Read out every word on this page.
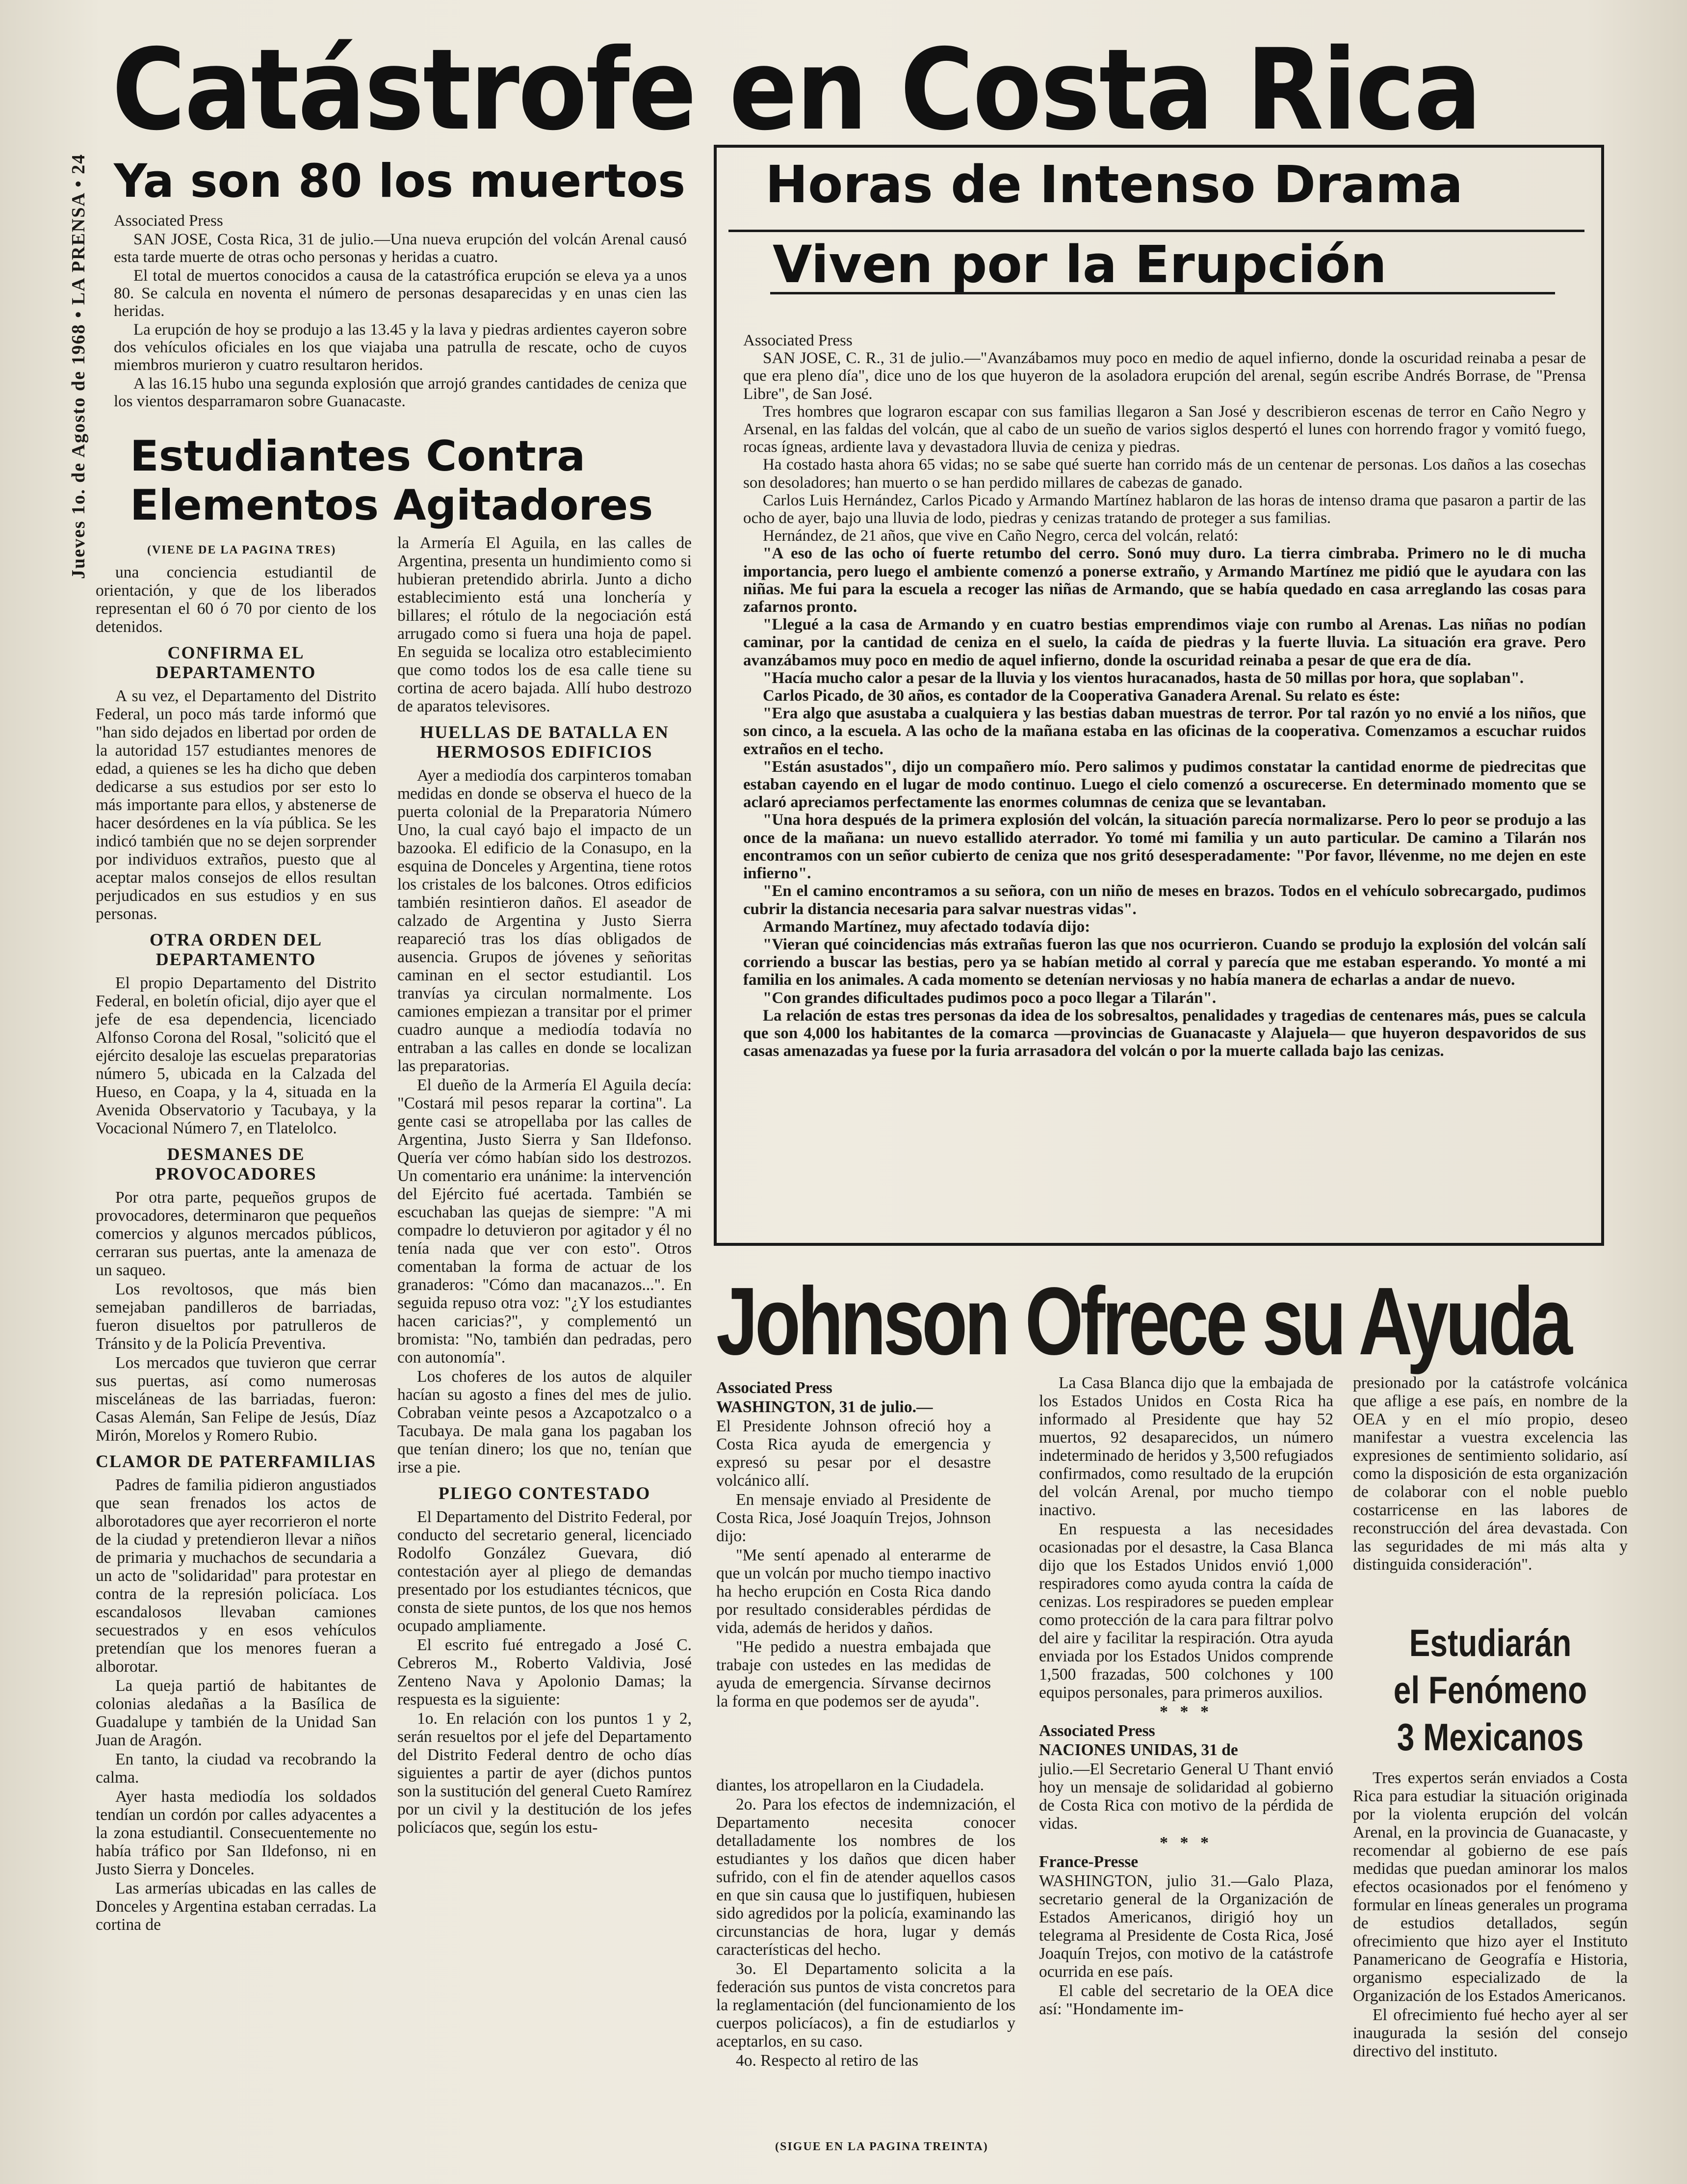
Jueves 1o. de Agosto de 1968 • LA PRENSA • 24
Catástrofe en Costa Rica
Ya son 80 los muertos

Associated Press

SAN JOSE, Costa Rica, 31 de julio.—Una nueva erupción del volcán Arenal causó esta tarde muerte de otras ocho personas y heridas a cuatro.

El total de muertos conocidos a causa de la catastrófica erupción se eleva ya a unos 80. Se calcula en noventa el número de personas desaparecidas y en unas cien las heridas.

La erupción de hoy se produjo a las 13.45 y la lava y piedras ardientes cayeron sobre dos vehículos oficiales en los que viajaba una patrulla de rescate, ocho de cuyos miembros murieron y cuatro resultaron heridos.

A las 16.15 hubo una segunda explosión que arrojó grandes cantidades de ceniza que los vientos desparramaron sobre Guanacaste.

Estudiantes Contra
Elementos Agitadores
(VIENE DE LA PAGINA TRES)

una conciencia estudiantil de orientación, y que de los liberados representan el 60 ó 70 por ciento de los detenidos.

CONFIRMA EL DEPARTAMENTO

A su vez, el Departamento del Distrito Federal, un poco más tarde informó que "han sido dejados en libertad por orden de la autoridad 157 estudiantes menores de edad, a quienes se les ha dicho que deben dedicarse a sus estudios por ser esto lo más importante para ellos, y abstenerse de hacer desórdenes en la vía pública. Se les indicó también que no se dejen sorprender por individuos extraños, puesto que al aceptar malos consejos de ellos resultan perjudicados en sus estudios y en sus personas.

OTRA ORDEN DEL DEPARTAMENTO

El propio Departamento del Distrito Federal, en boletín oficial, dijo ayer que el jefe de esa dependencia, licenciado Alfonso Corona del Rosal, "solicitó que el ejército desaloje las escuelas preparatorias número 5, ubicada en la Calzada del Hueso, en Coapa, y la 4, situada en la Avenida Observatorio y Tacubaya, y la Vocacional Número 7, en Tlatelolco.

DESMANES DE PROVOCADORES

Por otra parte, pequeños grupos de provocadores, determinaron que pequeños comercios y algunos mercados públicos, cerraran sus puertas, ante la amenaza de un saqueo.

Los revoltosos, que más bien semejaban pandilleros de barriadas, fueron disueltos por patrulleros de Tránsito y de la Policía Preventiva.

Los mercados que tuvieron que cerrar sus puertas, así como numerosas misceláneas de las barriadas, fueron: Casas Alemán, San Felipe de Jesús, Díaz Mirón, Morelos y Romero Rubio.

CLAMOR DE PATERFAMILIAS

Padres de familia pidieron angustiados que sean frenados los actos de alborotadores que ayer recorrieron el norte de la ciudad y pretendieron llevar a niños de primaria y muchachos de secundaria a un acto de "solidaridad" para protestar en contra de la represión policíaca. Los escandalosos llevaban camiones secuestrados y en esos vehículos pretendían que los menores fueran a alborotar.

La queja partió de habitantes de colonias aledañas a la Basílica de Guadalupe y también de la Unidad San Juan de Aragón.

En tanto, la ciudad va recobrando la calma.

Ayer hasta mediodía los soldados tendían un cordón por calles adyacentes a la zona estudiantil. Consecuentemente no había tráfico por San Ildefonso, ni en Justo Sierra y Donceles.

Las armerías ubicadas en las calles de Donceles y Argentina estaban cerradas. La cortina de

la Armería El Aguila, en las calles de Argentina, presenta un hundimiento como si hubieran pretendido abrirla. Junto a dicho establecimiento está una lonchería y billares; el rótulo de la negociación está arrugado como si fuera una hoja de papel. En seguida se localiza otro establecimiento que como todos los de esa calle tiene su cortina de acero bajada. Allí hubo destrozo de aparatos televisores.

HUELLAS DE BATALLA EN HERMOSOS EDIFICIOS

Ayer a mediodía dos carpinteros tomaban medidas en donde se observa el hueco de la puerta colonial de la Preparatoria Número Uno, la cual cayó bajo el impacto de un bazooka. El edificio de la Conasupo, en la esquina de Donceles y Argentina, tiene rotos los cristales de los balcones. Otros edificios también resintieron daños. El aseador de calzado de Argentina y Justo Sierra reapareció tras los días obligados de ausencia. Grupos de jóvenes y señoritas caminan en el sector estudiantil. Los tranvías ya circulan normalmente. Los camiones empiezan a transitar por el primer cuadro aunque a mediodía todavía no entraban a las calles en donde se localizan las preparatorias.

El dueño de la Armería El Aguila decía: "Costará mil pesos reparar la cortina". La gente casi se atropellaba por las calles de Argentina, Justo Sierra y San Ildefonso. Quería ver cómo habían sido los destrozos. Un comentario era unánime: la intervención del Ejército fué acertada. También se escuchaban las quejas de siempre: "A mi compadre lo detuvieron por agitador y él no tenía nada que ver con esto". Otros comentaban la forma de actuar de los granaderos: "Cómo dan macanazos...". En seguida repuso otra voz: "¿Y los estudiantes hacen caricias?", y complementó un bromista: "No, también dan pedradas, pero con autonomía".

Los choferes de los autos de alquiler hacían su agosto a fines del mes de julio. Cobraban veinte pesos a Azcapotzalco o a Tacubaya. De mala gana los pagaban los que tenían dinero; los que no, tenían que irse a pie.

PLIEGO CONTESTADO

El Departamento del Distrito Federal, por conducto del secretario general, licenciado Rodolfo González Guevara, dió contestación ayer al pliego de demandas presentado por los estudiantes técnicos, que consta de siete puntos, de los que nos hemos ocupado ampliamente.

El escrito fué entregado a José C. Cebreros M., Roberto Valdivia, José Zenteno Nava y Apolonio Damas; la respuesta es la siguiente:

1o. En relación con los puntos 1 y 2, serán resueltos por el jefe del Departamento del Distrito Federal dentro de ocho días siguientes a partir de ayer (dichos puntos son la sustitución del general Cueto Ramírez por un civil y la destitución de los jefes policíacos que, según los estu-

diantes, los atropellaron en la Ciudadela.

2o. Para los efectos de indemnización, el Departamento necesita conocer detalladamente los nombres de los estudiantes y los daños que dicen haber sufrido, con el fin de atender aquellos casos en que sin causa que lo justifiquen, hubiesen sido agredidos por la policía, examinando las circunstancias de hora, lugar y demás características del hecho.

3o. El Departamento solicita a la federación sus puntos de vista concretos para la reglamentación (del funcionamiento de los cuerpos policíacos), a fin de estudiarlos y aceptarlos, en su caso.

4o. Respecto al retiro de las

(SIGUE EN LA PAGINA TREINTA)
Horas de Intenso Drama
Viven por la Erupción

Associated Press

SAN JOSE, C. R., 31 de julio.—"Avanzábamos muy poco en medio de aquel infierno, donde la oscuridad reinaba a pesar de que era pleno día", dice uno de los que huyeron de la asoladora erupción del arenal, según escribe Andrés Borrase, de "Prensa Libre", de San José.

Tres hombres que lograron escapar con sus familias llegaron a San José y describieron escenas de terror en Caño Negro y Arsenal, en las faldas del volcán, que al cabo de un sueño de varios siglos despertó el lunes con horrendo fragor y vomitó fuego, rocas ígneas, ardiente lava y devastadora lluvia de ceniza y piedras.

Ha costado hasta ahora 65 vidas; no se sabe qué suerte han corrido más de un centenar de personas. Los daños a las cosechas son desoladores; han muerto o se han perdido millares de cabezas de ganado.

Carlos Luis Hernández, Carlos Picado y Armando Martínez hablaron de las horas de intenso drama que pasaron a partir de las ocho de ayer, bajo una lluvia de lodo, piedras y cenizas tratando de proteger a sus familias.

Hernández, de 21 años, que vive en Caño Negro, cerca del volcán, relató:

"A eso de las ocho oí fuerte retumbo del cerro. Sonó muy duro. La tierra cimbraba. Primero no le di mucha importancia, pero luego el ambiente comenzó a ponerse extraño, y Armando Martínez me pidió que le ayudara con las niñas. Me fui para la escuela a recoger las niñas de Armando, que se había quedado en casa arreglando las cosas para zafarnos pronto.

"Llegué a la casa de Armando y en cuatro bestias emprendimos viaje con rumbo al Arenas. Las niñas no podían caminar, por la cantidad de ceniza en el suelo, la caída de piedras y la fuerte lluvia. La situación era grave. Pero avanzábamos muy poco en medio de aquel infierno, donde la oscuridad reinaba a pesar de que era de día.

"Hacía mucho calor a pesar de la lluvia y los vientos huracanados, hasta de 50 millas por hora, que soplaban".

Carlos Picado, de 30 años, es contador de la Cooperativa Ganadera Arenal. Su relato es éste:

"Era algo que asustaba a cualquiera y las bestias daban muestras de terror. Por tal razón yo no envié a los niños, que son cinco, a la escuela. A las ocho de la mañana estaba en las oficinas de la cooperativa. Comenzamos a escuchar ruidos extraños en el techo.

"Están asustados", dijo un compañero mío. Pero salimos y pudimos constatar la cantidad enorme de piedrecitas que estaban cayendo en el lugar de modo continuo. Luego el cielo comenzó a oscurecerse. En determinado momento que se aclaró apreciamos perfectamente las enormes columnas de ceniza que se levantaban.

"Una hora después de la primera explosión del volcán, la situación parecía normalizarse. Pero lo peor se produjo a las once de la mañana: un nuevo estallido aterrador. Yo tomé mi familia y un auto particular. De camino a Tilarán nos encontramos con un señor cubierto de ceniza que nos gritó desesperadamente: "Por favor, llévenme, no me dejen en este infierno".

"En el camino encontramos a su señora, con un niño de meses en brazos. Todos en el vehículo sobrecargado, pudimos cubrir la distancia necesaria para salvar nuestras vidas".

Armando Martínez, muy afectado todavía dijo:

"Vieran qué coincidencias más extrañas fueron las que nos ocurrieron. Cuando se produjo la explosión del volcán salí corriendo a buscar las bestias, pero ya se habían metido al corral y parecía que me estaban esperando. Yo monté a mi familia en los animales. A cada momento se detenían nerviosas y no había manera de echarlas a andar de nuevo.

"Con grandes dificultades pudimos poco a poco llegar a Tilarán".

La relación de estas tres personas da idea de los sobresaltos, penalidades y tragedias de centenares más, pues se calcula que son 4,000 los habitantes de la comarca —provincias de Guanacaste y Alajuela— que huyeron despavoridos de sus casas amenazadas ya fuese por la furia arrasadora del volcán o por la muerte callada bajo las cenizas.

Johnson Ofrece su Ayuda

Associated Press

WASHINGTON, 31 de julio.—

El Presidente Johnson ofreció hoy a Costa Rica ayuda de emergencia y expresó su pesar por el desastre volcánico allí.

En mensaje enviado al Presidente de Costa Rica, José Joaquín Trejos, Johnson dijo:

"Me sentí apenado al enterarme de que un volcán por mucho tiempo inactivo ha hecho erupción en Costa Rica dando por resultado considerables pérdidas de vida, además de heridos y daños.

"He pedido a nuestra embajada que trabaje con ustedes en las medidas de ayuda de emergencia. Sírvanse decirnos la forma en que podemos ser de ayuda".

La Casa Blanca dijo que la embajada de los Estados Unidos en Costa Rica ha informado al Presidente que hay 52 muertos, 92 desaparecidos, un número indeterminado de heridos y 3,500 refugiados confirmados, como resultado de la erupción del volcán Arenal, por mucho tiempo inactivo.

En respuesta a las necesidades ocasionadas por el desastre, la Casa Blanca dijo que los Estados Unidos envió 1,000 respiradores como ayuda contra la caída de cenizas. Los respiradores se pueden emplear como protección de la cara para filtrar polvo del aire y facilitar la respiración. Otra ayuda enviada por los Estados Unidos comprende 1,500 frazadas, 500 colchones y 100 equipos personales, para primeros auxilios.

* * *

Associated Press

NACIONES UNIDAS, 31 de

julio.—El Secretario General U Thant envió hoy un mensaje de solidaridad al gobierno de Costa Rica con motivo de la pérdida de vidas.

* * *

France-Presse

WASHINGTON, julio 31.—Galo Plaza, secretario general de la Organización de Estados Americanos, dirigió hoy un telegrama al Presidente de Costa Rica, José Joaquín Trejos, con motivo de la catástrofe ocurrida en ese país.

El cable del secretario de la OEA dice así: "Hondamente im-

presionado por la catástrofe volcánica que aflige a ese país, en nombre de la OEA y en el mío propio, deseo manifestar a vuestra excelencia las expresiones de sentimiento solidario, así como la disposición de esta organización de colaborar con el noble pueblo costarricense en las labores de reconstrucción del área devastada. Con las seguridades de mi más alta y distinguida consideración".

Estudiarán
el Fenómeno
3 Mexicanos

Tres expertos serán enviados a Costa Rica para estudiar la situación originada por la violenta erupción del volcán Arenal, en la provincia de Guanacaste, y recomendar al gobierno de ese país medidas que puedan aminorar los malos efectos ocasionados por el fenómeno y formular en líneas generales un programa de estudios detallados, según ofrecimiento que hizo ayer el Instituto Panamericano de Geografía e Historia, organismo especializado de la Organización de los Estados Americanos.

El ofrecimiento fué hecho ayer al ser inaugurada la sesión del consejo directivo del instituto.
